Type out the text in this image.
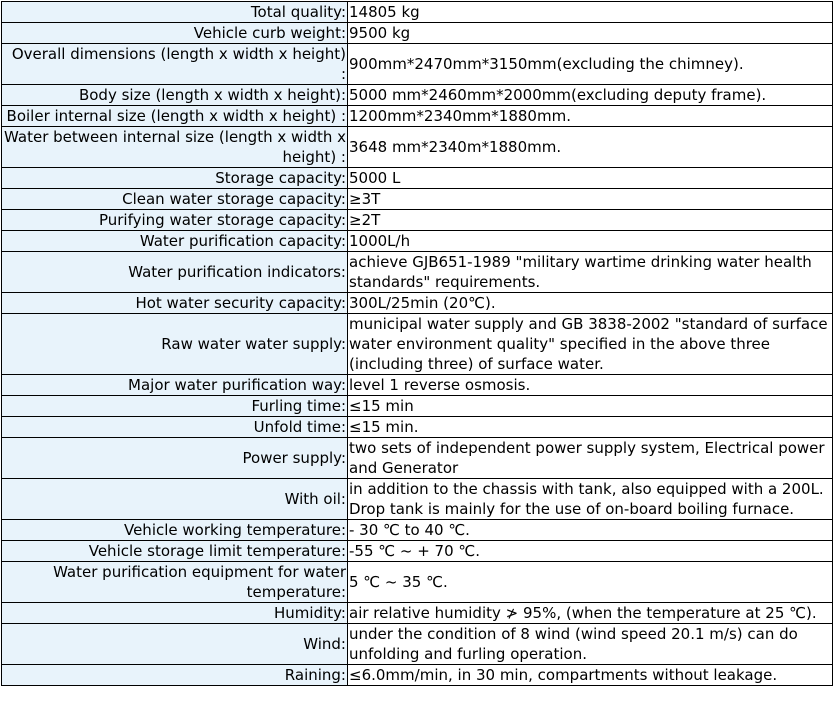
Total quality:	14805 kg
Vehicle curb weight:	9500 kg
Overall dimensions (length x width x height) :	900mm*2470mm*3150mm(excluding the chimney).
Body size (length x width x height):	5000 mm*2460mm*2000mm(excluding deputy frame).
Boiler internal size (length x width x height) :	1200mm*2340mm*1880mm.
Water between internal size (length x width x height) :	3648 mm*2340m*1880mm.
Storage capacity:	5000 L
Clean water storage capacity:	≥3T
Purifying water storage capacity:	≥2T
Water purification capacity:	1000L/h
Water purification indicators:	achieve GJB651-1989 "military wartime drinking water health standards" requirements.
Hot water security capacity:	300L/25min (20℃).
Raw water water supply:	municipal water supply and GB 3838-2002 "standard of surface water environment quality" specified in the above three (including three) of surface water.
Major water purification way:	level 1 reverse osmosis.
Furling time:	≤15 min
Unfold time:	≤15 min.
Power supply:	two sets of independent power supply system, Electrical power and Generator
With oil:	in addition to the chassis with tank, also equipped with a 200L. Drop tank is mainly for the use of on-board boiling furnace.
Vehicle working temperature:	- 30 ℃ to 40 ℃.
Vehicle storage limit temperature:	-55 ℃ ~ + 70 ℃.
Water purification equipment for water temperature:	5 ℃ ~ 35 ℃.
Humidity:	air relative humidity ≯ 95%, (when the temperature at 25 ℃).
Wind:	under the condition of 8 wind (wind speed 20.1 m/s) can do unfolding and furling operation.
Raining:	≤6.0mm/min, in 30 min, compartments without leakage.
